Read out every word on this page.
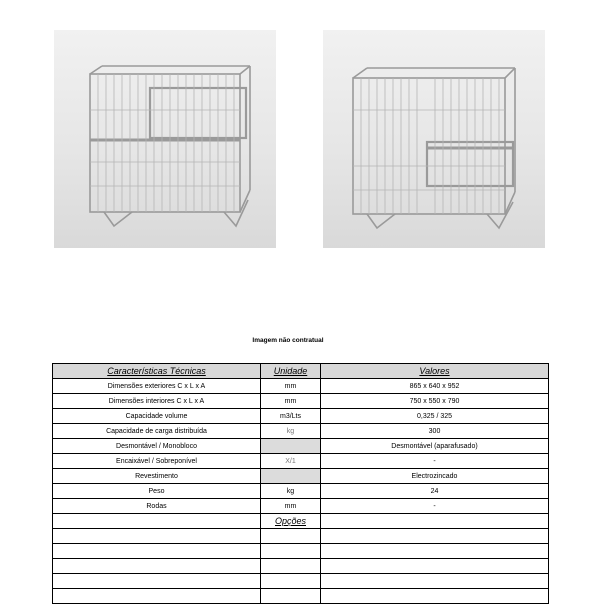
Imagem não contratual
Características Técnicas	Unidade	Valores
Dimensões exteriores C x L x A	mm	865 x 640 x 952
Dimensões interiores C x L x A	mm	750 x 550 x 790
Capacidade volume	m3/Lts	0,325 / 325
Capacidade de carga distribuída	kg	300
Desmontável / Monobloco		Desmontável (aparafusado)
Encaixável / Sobreponível	X/1	-
Revestimento		Electrozincado
Peso	kg	24
Rodas	mm	-
	Opções	
